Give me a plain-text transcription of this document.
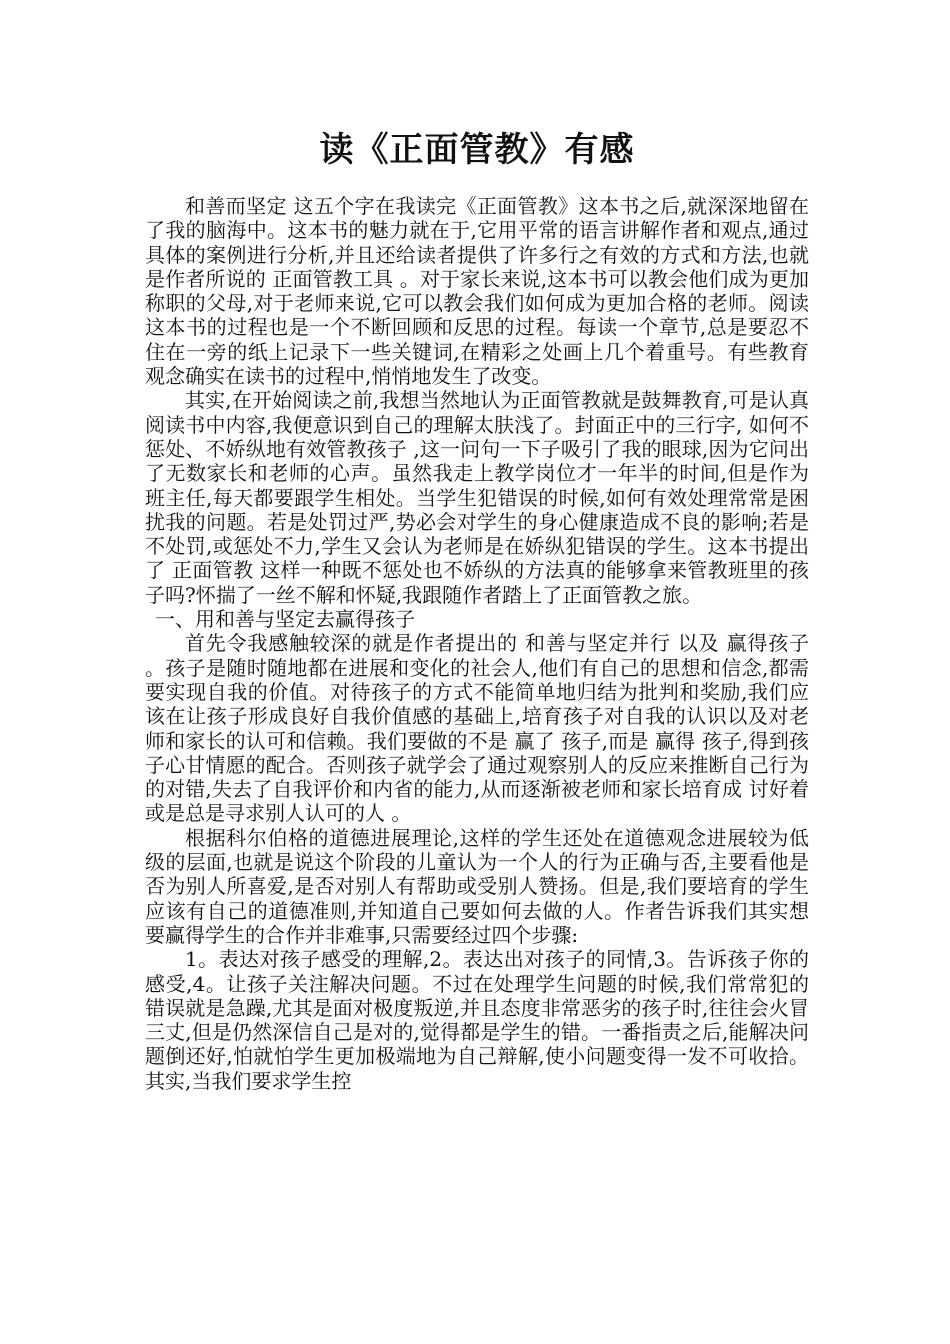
读《正面管教》有感

和善而坚定 这五个字在我读完《正面管教》这本书之后,就深深地留在了我的脑海中。这本书的魅力就在于,它用平常的语言讲解作者和观点,通过具体的案例进行分析,并且还给读者提供了许多行之有效的方式和方法,也就是作者所说的 正面管教工具 。对于家长来说,这本书可以教会他们成为更加称职的父母,对于老师来说,它可以教会我们如何成为更加合格的老师。阅读这本书的过程也是一个不断回顾和反思的过程。每读一个章节,总是要忍不住在一旁的纸上记录下一些关键词,在精彩之处画上几个着重号。有些教育观念确实在读书的过程中,悄悄地发生了改变。

其实,在开始阅读之前,我想当然地认为正面管教就是鼓舞教育,可是认真阅读书中内容,我便意识到自己的理解太肤浅了。封面正中的三行字, 如何不惩处、不娇纵地有效管教孩子 ,这一问句一下子吸引了我的眼球,因为它问出了无数家长和老师的心声。虽然我走上教学岗位才一年半的时间,但是作为班主任,每天都要跟学生相处。当学生犯错误的时候,如何有效处理常常是困扰我的问题。若是处罚过严,势必会对学生的身心健康造成不良的影响;若是不处罚,或惩处不力,学生又会认为老师是在娇纵犯错误的学生。这本书提出了 正面管教 这样一种既不惩处也不娇纵的方法真的能够拿来管教班里的孩子吗?怀揣了一丝不解和怀疑,我跟随作者踏上了正面管教之旅。

一、用和善与坚定去赢得孩子

首先令我感触较深的就是作者提出的 和善与坚定并行 以及 赢得孩子 。孩子是随时随地都在进展和变化的社会人,他们有自己的思想和信念,都需要实现自我的价值。对待孩子的方式不能简单地归结为批判和奖励,我们应该在让孩子形成良好自我价值感的基础上,培育孩子对自我的认识以及对老师和家长的认可和信赖。我们要做的不是 赢了 孩子,而是 赢得 孩子,得到孩子心甘情愿的配合。否则孩子就学会了通过观察别人的反应来推断自己行为的对错,失去了自我评价和内省的能力,从而逐渐被老师和家长培育成 讨好着 或是总是寻求别人认可的人 。

根据科尔伯格的道德进展理论,这样的学生还处在道德观念进展较为低级的层面,也就是说这个阶段的儿童认为一个人的行为正确与否,主要看他是否为别人所喜爱,是否对别人有帮助或受别人赞扬。但是,我们要培育的学生应该有自己的道德准则,并知道自己要如何去做的人。作者告诉我们其实想要赢得学生的合作并非难事,只需要经过四个步骤:

1。表达对孩子感受的理解,2。表达出对孩子的同情,3。告诉孩子你的感受,4。让孩子关注解决问题。不过在处理学生问题的时候,我们常常犯的错误就是急躁,尤其是面对极度叛逆,并且态度非常恶劣的孩子时,往往会火冒三丈,但是仍然深信自己是对的,觉得都是学生的错。一番指责之后,能解决问题倒还好,怕就怕学生更加极端地为自己辩解,使小问题变得一发不可收拾。其实,当我们要求学生控
